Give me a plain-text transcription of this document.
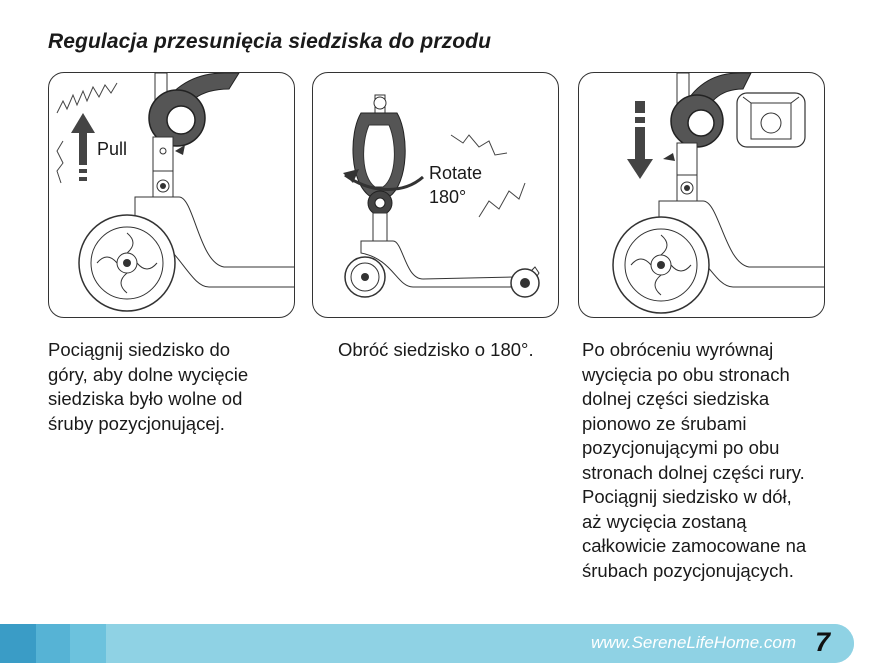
Regulacja przesunięcia siedziska do przodu
Pull
Rotate
180°
Pociągnij siedzisko do
góry, aby dolne wycięcie
siedziska było wolne od
śruby pozycjonującej.
Obróć siedzisko o 180°.	Po obróceniu wyrównaj
wycięcia po obu stronach
dolnej części siedziska
pionowo ze śrubami
pozycjonującymi po obu
stronach dolnej części rury.
Pociągnij siedzisko w dół,
aż wycięcia zostaną
całkowicie zamocowane na
śrubach pozycjonujących.
www.SereneLifeHome.com 7
